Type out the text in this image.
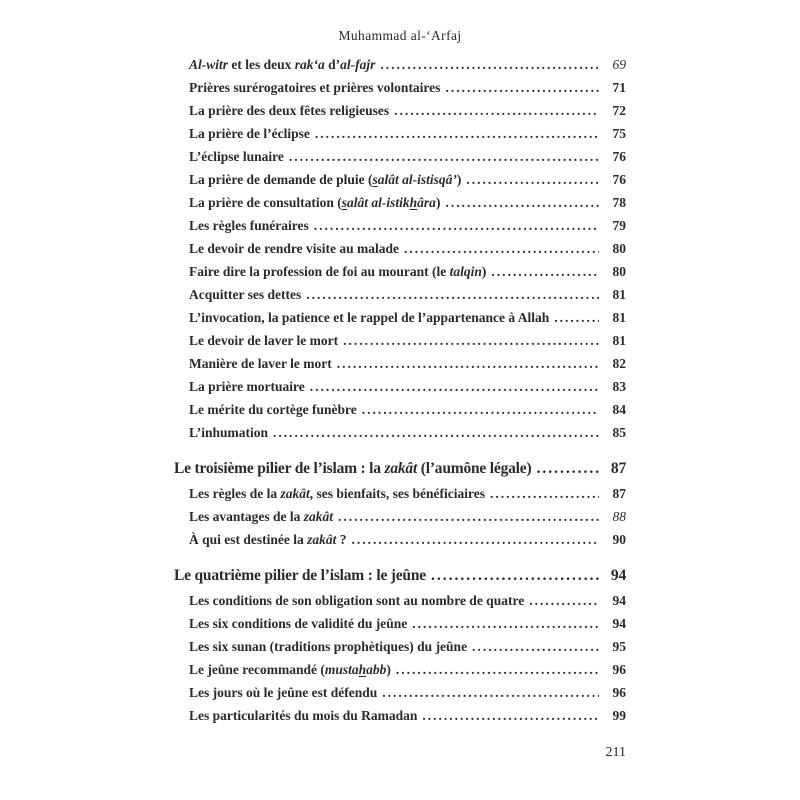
Muhammad al-‘Arfaj
Al-witr et les deux rak‘a d’al-fajr .....	69
Prières surérogatoires et prières volontaires .....	71
La prière des deux fêtes religieuses .....	72
La prière de l’éclipse .....	75
L’éclipse lunaire .....	76
La prière de demande de pluie (salât al-istisqâ’) .....	76
La prière de consultation (salât al-istikhâra) .....	78
Les règles funéraires .....	79
Le devoir de rendre visite au malade .....	80
Faire dire la profession de foi au mourant (le talqin) .....	80
Acquitter ses dettes .....	81
L’invocation, la patience et le rappel de l’appartenance à Allah .....	81
Le devoir de laver le mort .....	81
Manière de laver le mort .....	82
La prière mortuaire .....	83
Le mérite du cortège funèbre .....	84
L’inhumation .....	85
Le troisième pilier de l’islam : la zakât (l’aumône légale) .....	87
Les règles de la zakât, ses bienfaits, ses bénéficiaires .....	87
Les avantages de la zakât .....	88
À qui est destinée la zakât ? .....	90
Le quatrième pilier de l’islam : le jeûne .....	94
Les conditions de son obligation sont au nombre de quatre .....	94
Les six conditions de validité du jeûne .....	94
Les six sunan (traditions prophètiques) du jeûne .....	95
Le jeûne recommandé (mustahabb) .....	96
Les jours où le jeûne est défendu .....	96
Les particularités du mois du Ramadan .....	99
211
